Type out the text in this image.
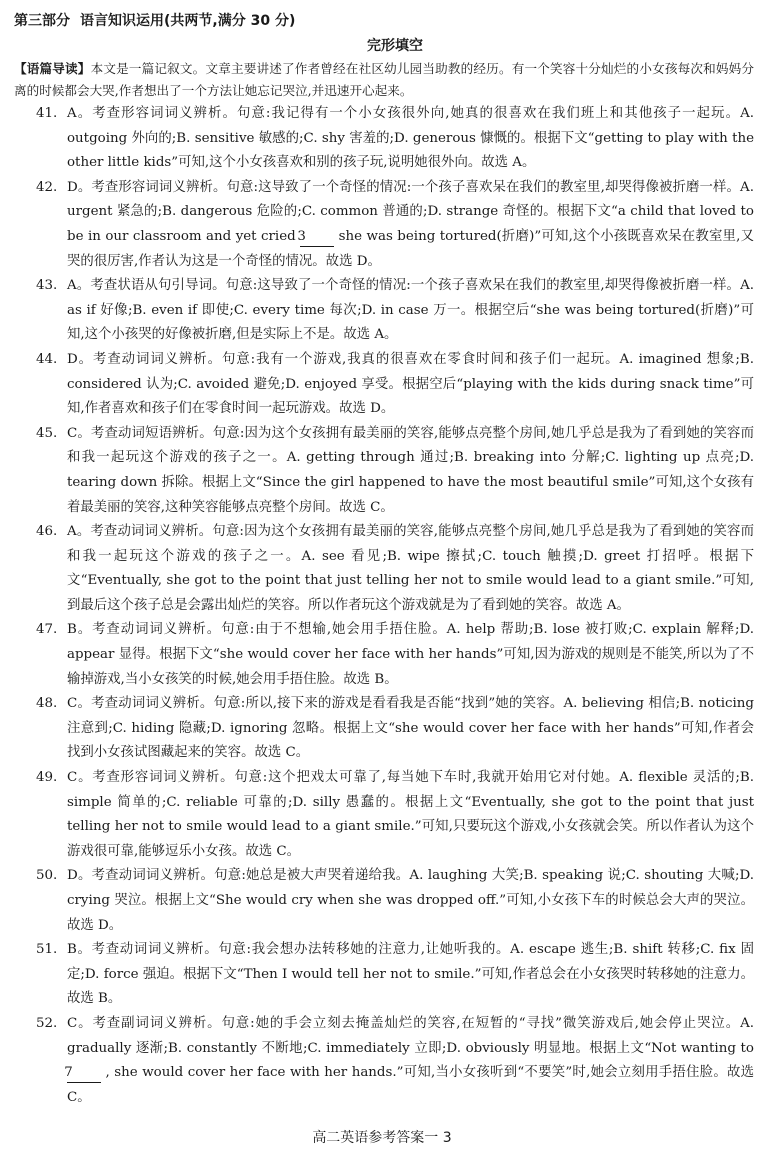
第三部分 语言知识运用(共两节,满分 30 分)
完形填空
【语篇导读】本文是一篇记叙文。文章主要讲述了作者曾经在社区幼儿园当助教的经历。有一个笑容十分灿烂的小女孩每次和妈妈分离的时候都会大哭,作者想出了一个方法让她忘记哭泣,并迅速开心起来。

41. A。考查形容词词义辨析。句意:我记得有一个小女孩很外向,她真的很喜欢在我们班上和其他孩子一起玩。A. outgoing 外向的;B. sensitive 敏感的;C. shy 害羞的;D. generous 慷慨的。根据下文“getting to play with the other little kids”可知,这个小女孩喜欢和别的孩子玩,说明她很外向。故选 A。

42. D。考查形容词词义辨析。句意:这导致了一个奇怪的情况:一个孩子喜欢呆在我们的教室里,却哭得像被折磨一样。A. urgent 紧急的;B. dangerous 危险的;C. common 普通的;D. strange 奇怪的。根据下文“a child that loved to be in our classroom and yet cried 3 she was being tortured(折磨)”可知,这个小孩既喜欢呆在教室里,又哭的很厉害,作者认为这是一个奇怪的情况。故选 D。

43. A。考查状语从句引导词。句意:这导致了一个奇怪的情况:一个孩子喜欢呆在我们的教室里,却哭得像被折磨一样。A. as if 好像;B. even if 即使;C. every time 每次;D. in case 万一。根据空后“she was being tortured(折磨)”可知,这个小孩哭的好像被折磨,但是实际上不是。故选 A。

44. D。考查动词词义辨析。句意:我有一个游戏,我真的很喜欢在零食时间和孩子们一起玩。A. imagined 想象;B. considered 认为;C. avoided 避免;D. enjoyed 享受。根据空后“playing with the kids during snack time”可知,作者喜欢和孩子们在零食时间一起玩游戏。故选 D。

45. C。考查动词短语辨析。句意:因为这个女孩拥有最美丽的笑容,能够点亮整个房间,她几乎总是我为了看到她的笑容而和我一起玩这个游戏的孩子之一。A. getting through 通过;B. breaking into 分解;C. lighting up 点亮;D. tearing down 拆除。根据上文“Since the girl happened to have the most beautiful smile”可知,这个女孩有着最美丽的笑容,这种笑容能够点亮整个房间。故选 C。

46. A。考查动词词义辨析。句意:因为这个女孩拥有最美丽的笑容,能够点亮整个房间,她几乎总是我为了看到她的笑容而和我一起玩这个游戏的孩子之一。A. see 看见;B. wipe 擦拭;C. touch 触摸;D. greet 打招呼。根据下文“Eventually, she got to the point that just telling her not to smile would lead to a giant smile.”可知,到最后这个孩子总是会露出灿烂的笑容。所以作者玩这个游戏就是为了看到她的笑容。故选 A。

47. B。考查动词词义辨析。句意:由于不想输,她会用手捂住脸。A. help 帮助;B. lose 被打败;C. explain 解释;D. appear 显得。根据下文“she would cover her face with her hands”可知,因为游戏的规则是不能笑,所以为了不输掉游戏,当小女孩笑的时候,她会用手捂住脸。故选 B。

48. C。考查动词词义辨析。句意:所以,接下来的游戏是看看我是否能“找到”她的笑容。A. believing 相信;B. noticing 注意到;C. hiding 隐藏;D. ignoring 忽略。根据上文“she would cover her face with her hands”可知,作者会找到小女孩试图藏起来的笑容。故选 C。

49. C。考查形容词词义辨析。句意:这个把戏太可靠了,每当她下车时,我就开始用它对付她。A. flexible 灵活的;B. simple 简单的;C. reliable 可靠的;D. silly 愚蠢的。根据上文“Eventually, she got to the point that just telling her not to smile would lead to a giant smile.”可知,只要玩这个游戏,小女孩就会笑。所以作者认为这个游戏很可靠,能够逗乐小女孩。故选 C。

50. D。考查动词词义辨析。句意:她总是被大声哭着递给我。A. laughing 大笑;B. speaking 说;C. shouting 大喊;D. crying 哭泣。根据上文“She would cry when she was dropped off.”可知,小女孩下车的时候总会大声的哭泣。故选 D。

51. B。考查动词词义辨析。句意:我会想办法转移她的注意力,让她听我的。A. escape 逃生;B. shift 转移;C. fix 固定;D. force 强迫。根据下文“Then I would tell her not to smile.”可知,作者总会在小女孩哭时转移她的注意力。故选 B。

52. C。考查副词词义辨析。句意:她的手会立刻去掩盖灿烂的笑容,在短暂的“寻找”微笑游戏后,她会停止哭泣。A. gradually 逐渐;B. constantly 不断地;C. immediately 立即;D. obviously 明显地。根据上文“Not wanting to 7 , she would cover her face with her hands.”可知,当小女孩听到“不要笑”时,她会立刻用手捂住脸。故选 C。

高二英语参考答案一 3
